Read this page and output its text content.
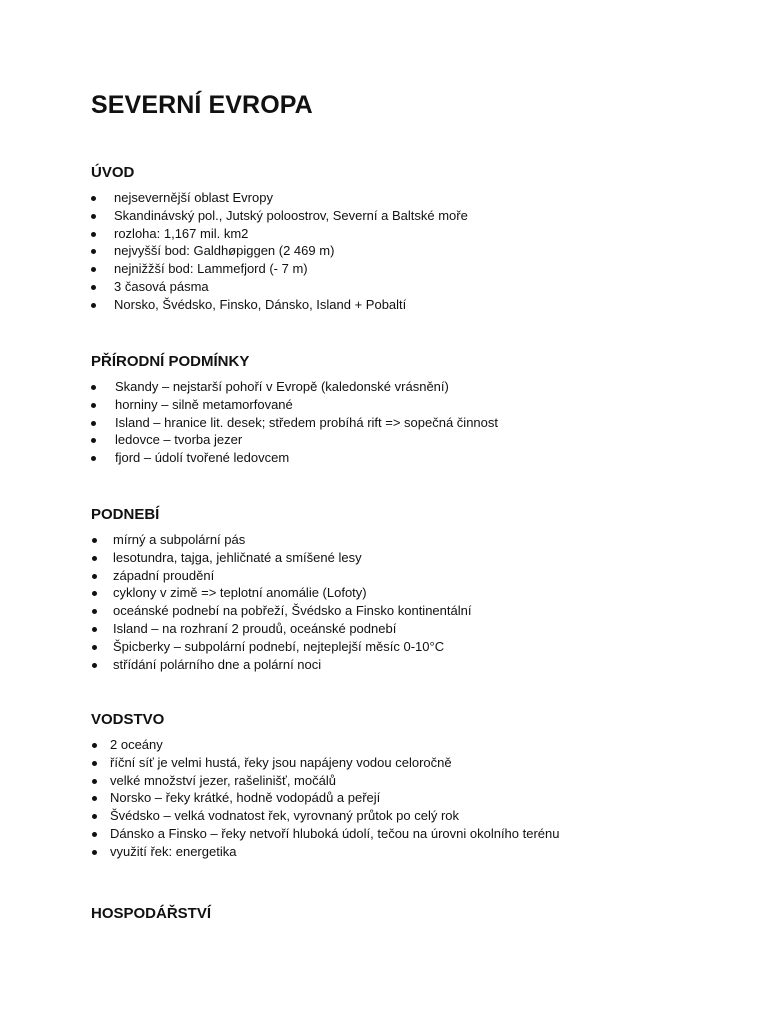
SEVERNÍ EVROPA
ÚVOD
nejsevernější oblast Evropy
Skandinávský pol., Jutský poloostrov, Severní a Baltské moře
rozloha: 1,167 mil. km2
nejvyšší bod: Galdhøpiggen (2 469 m)
nejnižžší bod: Lammefjord (- 7 m)
3 časová pásma
Norsko, Švédsko, Finsko, Dánsko, Island + Pobaltí
PŘÍRODNÍ PODMÍNKY
Skandy – nejstarší pohoří v Evropě (kaledonské vrásnění)
horniny – silně metamorfované
Island – hranice lit. desek; středem probíhá rift => sopečná činnost
ledovce – tvorba jezer
fjord – údolí tvořené ledovcem
PODNEBÍ
mírný a subpolární pás
lesotundra, tajga, jehličnaté a smíšené lesy
západní proudění
cyklony v zimě => teplotní anomálie (Lofoty)
oceánské podnebí na pobřeží, Švédsko a Finsko kontinentální
Island – na rozhraní 2 proudů, oceánské podnebí
Špicberky – subpolární podnebí, nejteplejší měsíc 0-10°C
střídání polárního dne a polární noci
VODSTVO
2 oceány
říční síť je velmi hustá, řeky jsou napájeny vodou celoročně
velké množství jezer, rašelinišť, močálů
Norsko – řeky krátké, hodně vodopádů a peřejí
Švédsko – velká vodnatost řek, vyrovnaný průtok po celý rok
Dánsko a Finsko – řeky netvoří hluboká údolí, tečou na úrovni okolního terénu
využití řek: energetika
HOSPODÁŘSTVÍ
